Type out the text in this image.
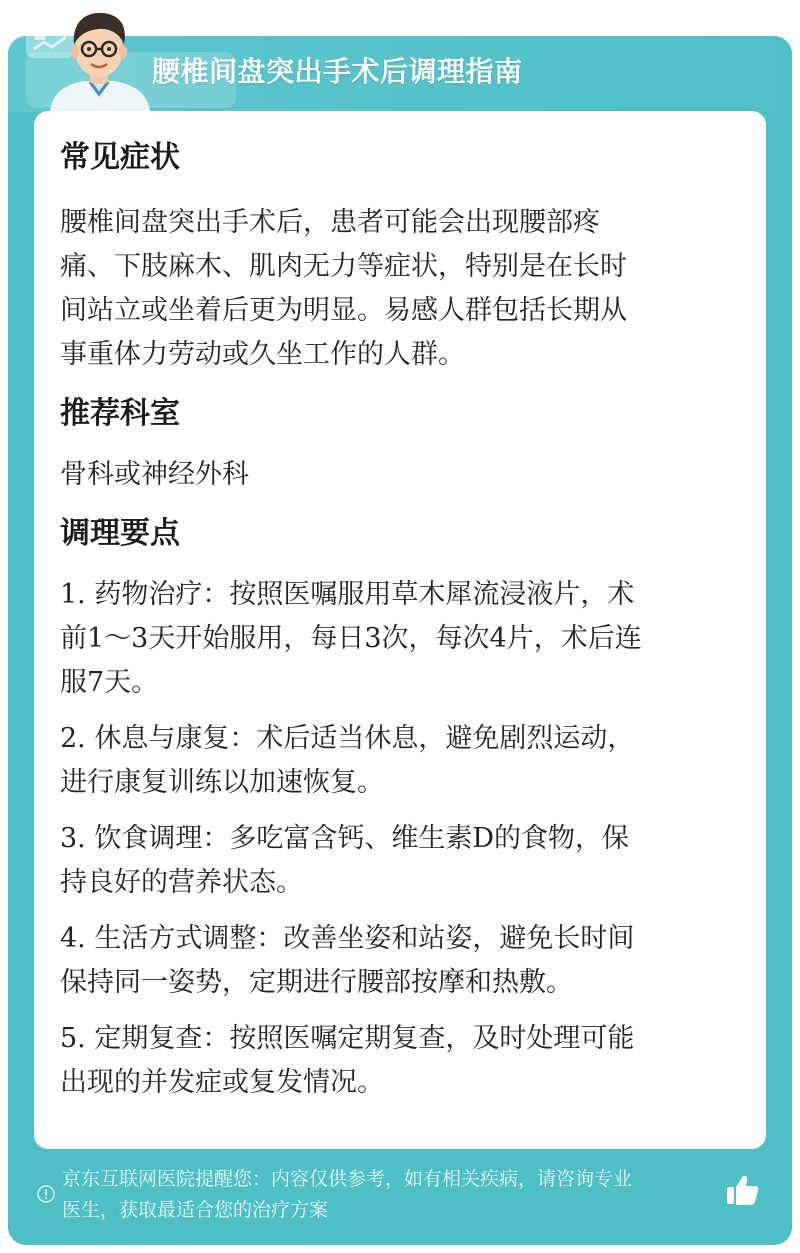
腰椎间盘突出手术后调理指南
常见症状
腰椎间盘突出手术后，患者可能会出现腰部疼
痛、下肢麻木、肌肉无力等症状，特别是在长时
间站立或坐着后更为明显。易感人群包括长期从
事重体力劳动或久坐工作的人群。
推荐科室
骨科或神经外科
调理要点
1. 药物治疗：按照医嘱服用草木犀流浸液片，术
前1～3天开始服用，每日3次，每次4片，术后连
服7天。
2. 休息与康复：术后适当休息，避免剧烈运动，
进行康复训练以加速恢复。
3. 饮食调理：多吃富含钙、维生素D的食物，保
持良好的营养状态。
4. 生活方式调整：改善坐姿和站姿，避免长时间
保持同一姿势，定期进行腰部按摩和热敷。
5. 定期复查：按照医嘱定期复查，及时处理可能
出现的并发症或复发情况。
京东互联网医院提醒您：内容仅供参考，如有相关疾病，请咨询专业
医生，获取最适合您的治疗方案
